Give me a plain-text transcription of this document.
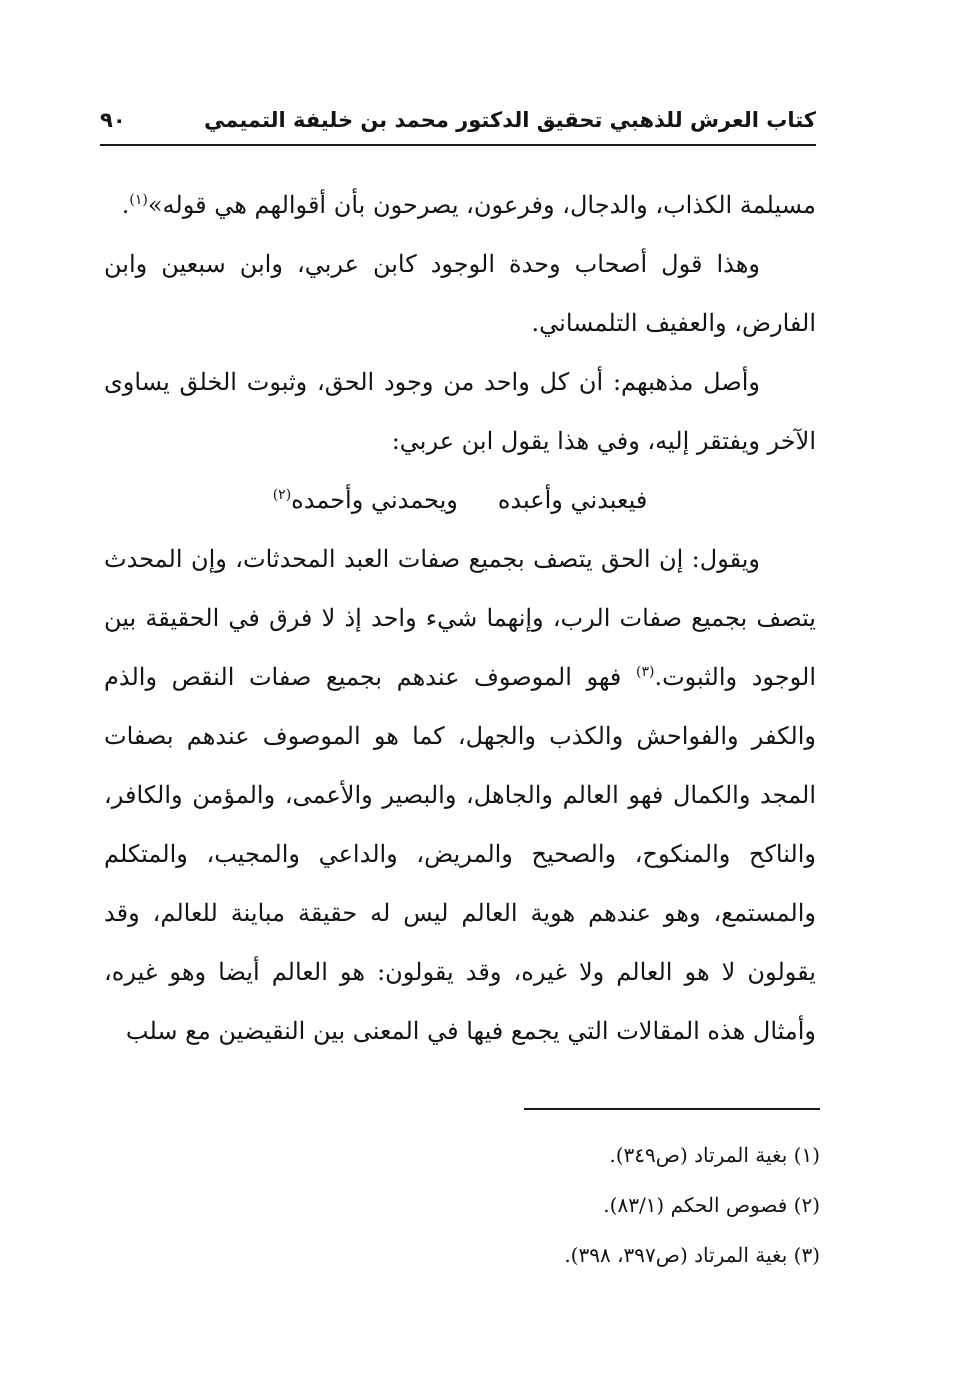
كتاب العرش للذهبي تحقيق الدكتور محمد بن خليفة التميمي
٩٠

مسيلمة الكذاب، والدجال، وفرعون، يصرحون بأن أقوالهم هي قوله»$^{(١)}$.

وهذا قول أصحاب وحدة الوجود كابن عربي، وابن سبعين وابن الفارض، والعفيف التلمساني.

وأصل مذهبهم: أن كل واحد من وجود الحق، وثبوت الخلق يساوى الآخر ويفتقر إليه، وفي هذا يقول ابن عربي:

فيعبدني وأعبده
ويحمدني وأحمده$^{(٢)}$

ويقول: إن الحق يتصف بجميع صفات العبد المحدثات، وإن المحدث يتصف بجميع صفات الرب، وإنهما شيء واحد إذ لا فرق في الحقيقة بين الوجود والثبوت.$^{(٣)}$ فهو الموصوف عندهم بجميع صفات النقص والذم والكفر والفواحش والكذب والجهل، كما هو الموصوف عندهم بصفات المجد والكمال فهو العالم والجاهل، والبصير والأعمى، والمؤمن والكافر، والناكح والمنكوح، والصحيح والمريض، والداعي والمجيب، والمتكلم والمستمع، وهو عندهم هوية العالم ليس له حقيقة مباينة للعالم، وقد يقولون لا هو العالم ولا غيره، وقد يقولون: هو العالم أيضا وهو غيره، وأمثال هذه المقالات التي يجمع فيها في المعنى بين النقيضين مع سلب

(١) بغية المرتاد (ص٣٤٩).

(٢) فصوص الحكم (٨٣/١).

(٣) بغية المرتاد (ص٣٩٧، ٣٩٨).
